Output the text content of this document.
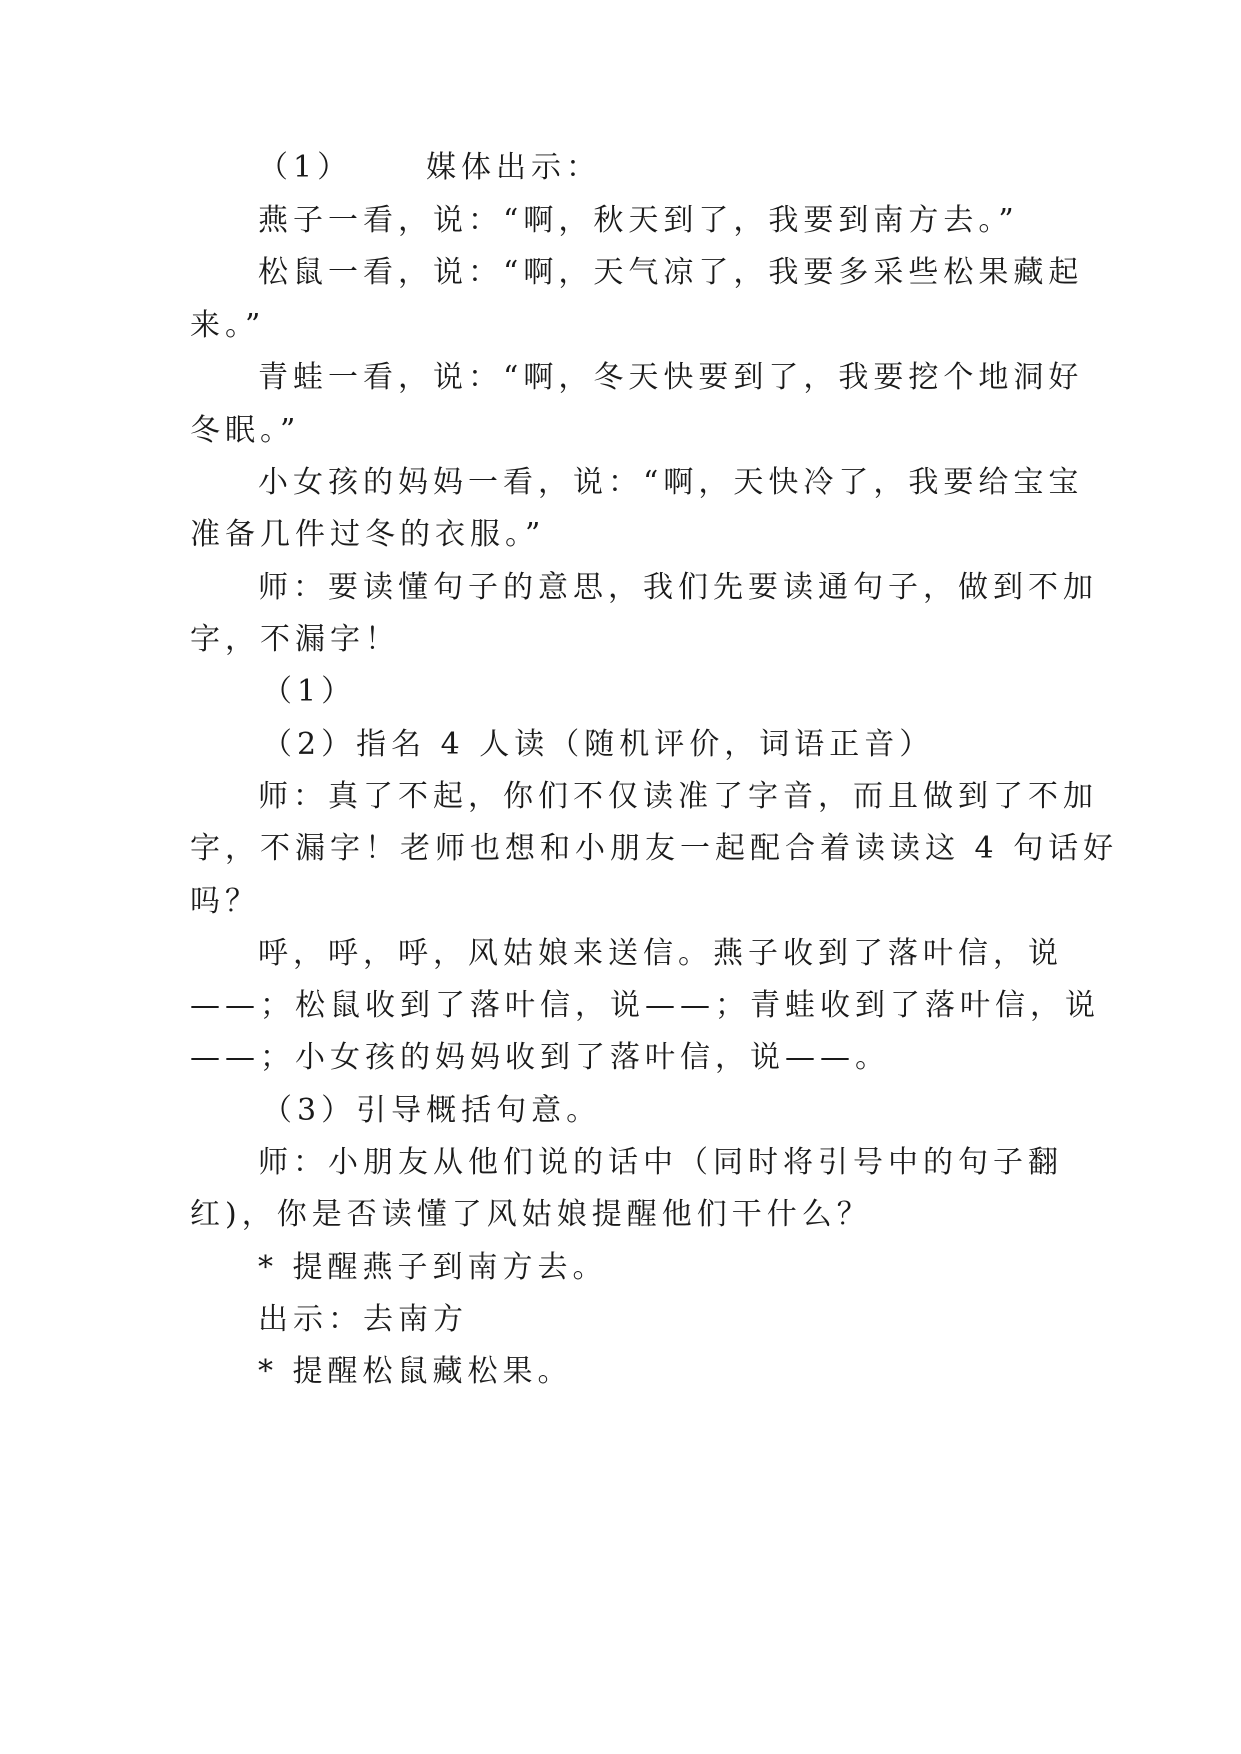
（1） 媒体出示：
燕子一看，说：“啊，秋天到了，我要到南方去。”
松鼠一看，说：“啊，天气凉了，我要多采些松果藏起
来。”
青蛙一看，说：“啊，冬天快要到了，我要挖个地洞好
冬眠。”
小女孩的妈妈一看，说：“啊，天快冷了，我要给宝宝
准备几件过冬的衣服。”
师：要读懂句子的意思，我们先要读通句子，做到不加
字，不漏字！
（1）
（2）指名 4 人读（随机评价，词语正音）
师：真了不起，你们不仅读准了字音，而且做到了不加
字，不漏字！老师也想和小朋友一起配合着读读这 4 句话好
吗？
呼，呼，呼，风姑娘来送信。燕子收到了落叶信，说
——；松鼠收到了落叶信，说——；青蛙收到了落叶信，说
——；小女孩的妈妈收到了落叶信，说——。
（3）引导概括句意。
师：小朋友从他们说的话中（同时将引号中的句子翻
红)，你是否读懂了风姑娘提醒他们干什么？
* 提醒燕子到南方去。
出示：去南方
* 提醒松鼠藏松果。
